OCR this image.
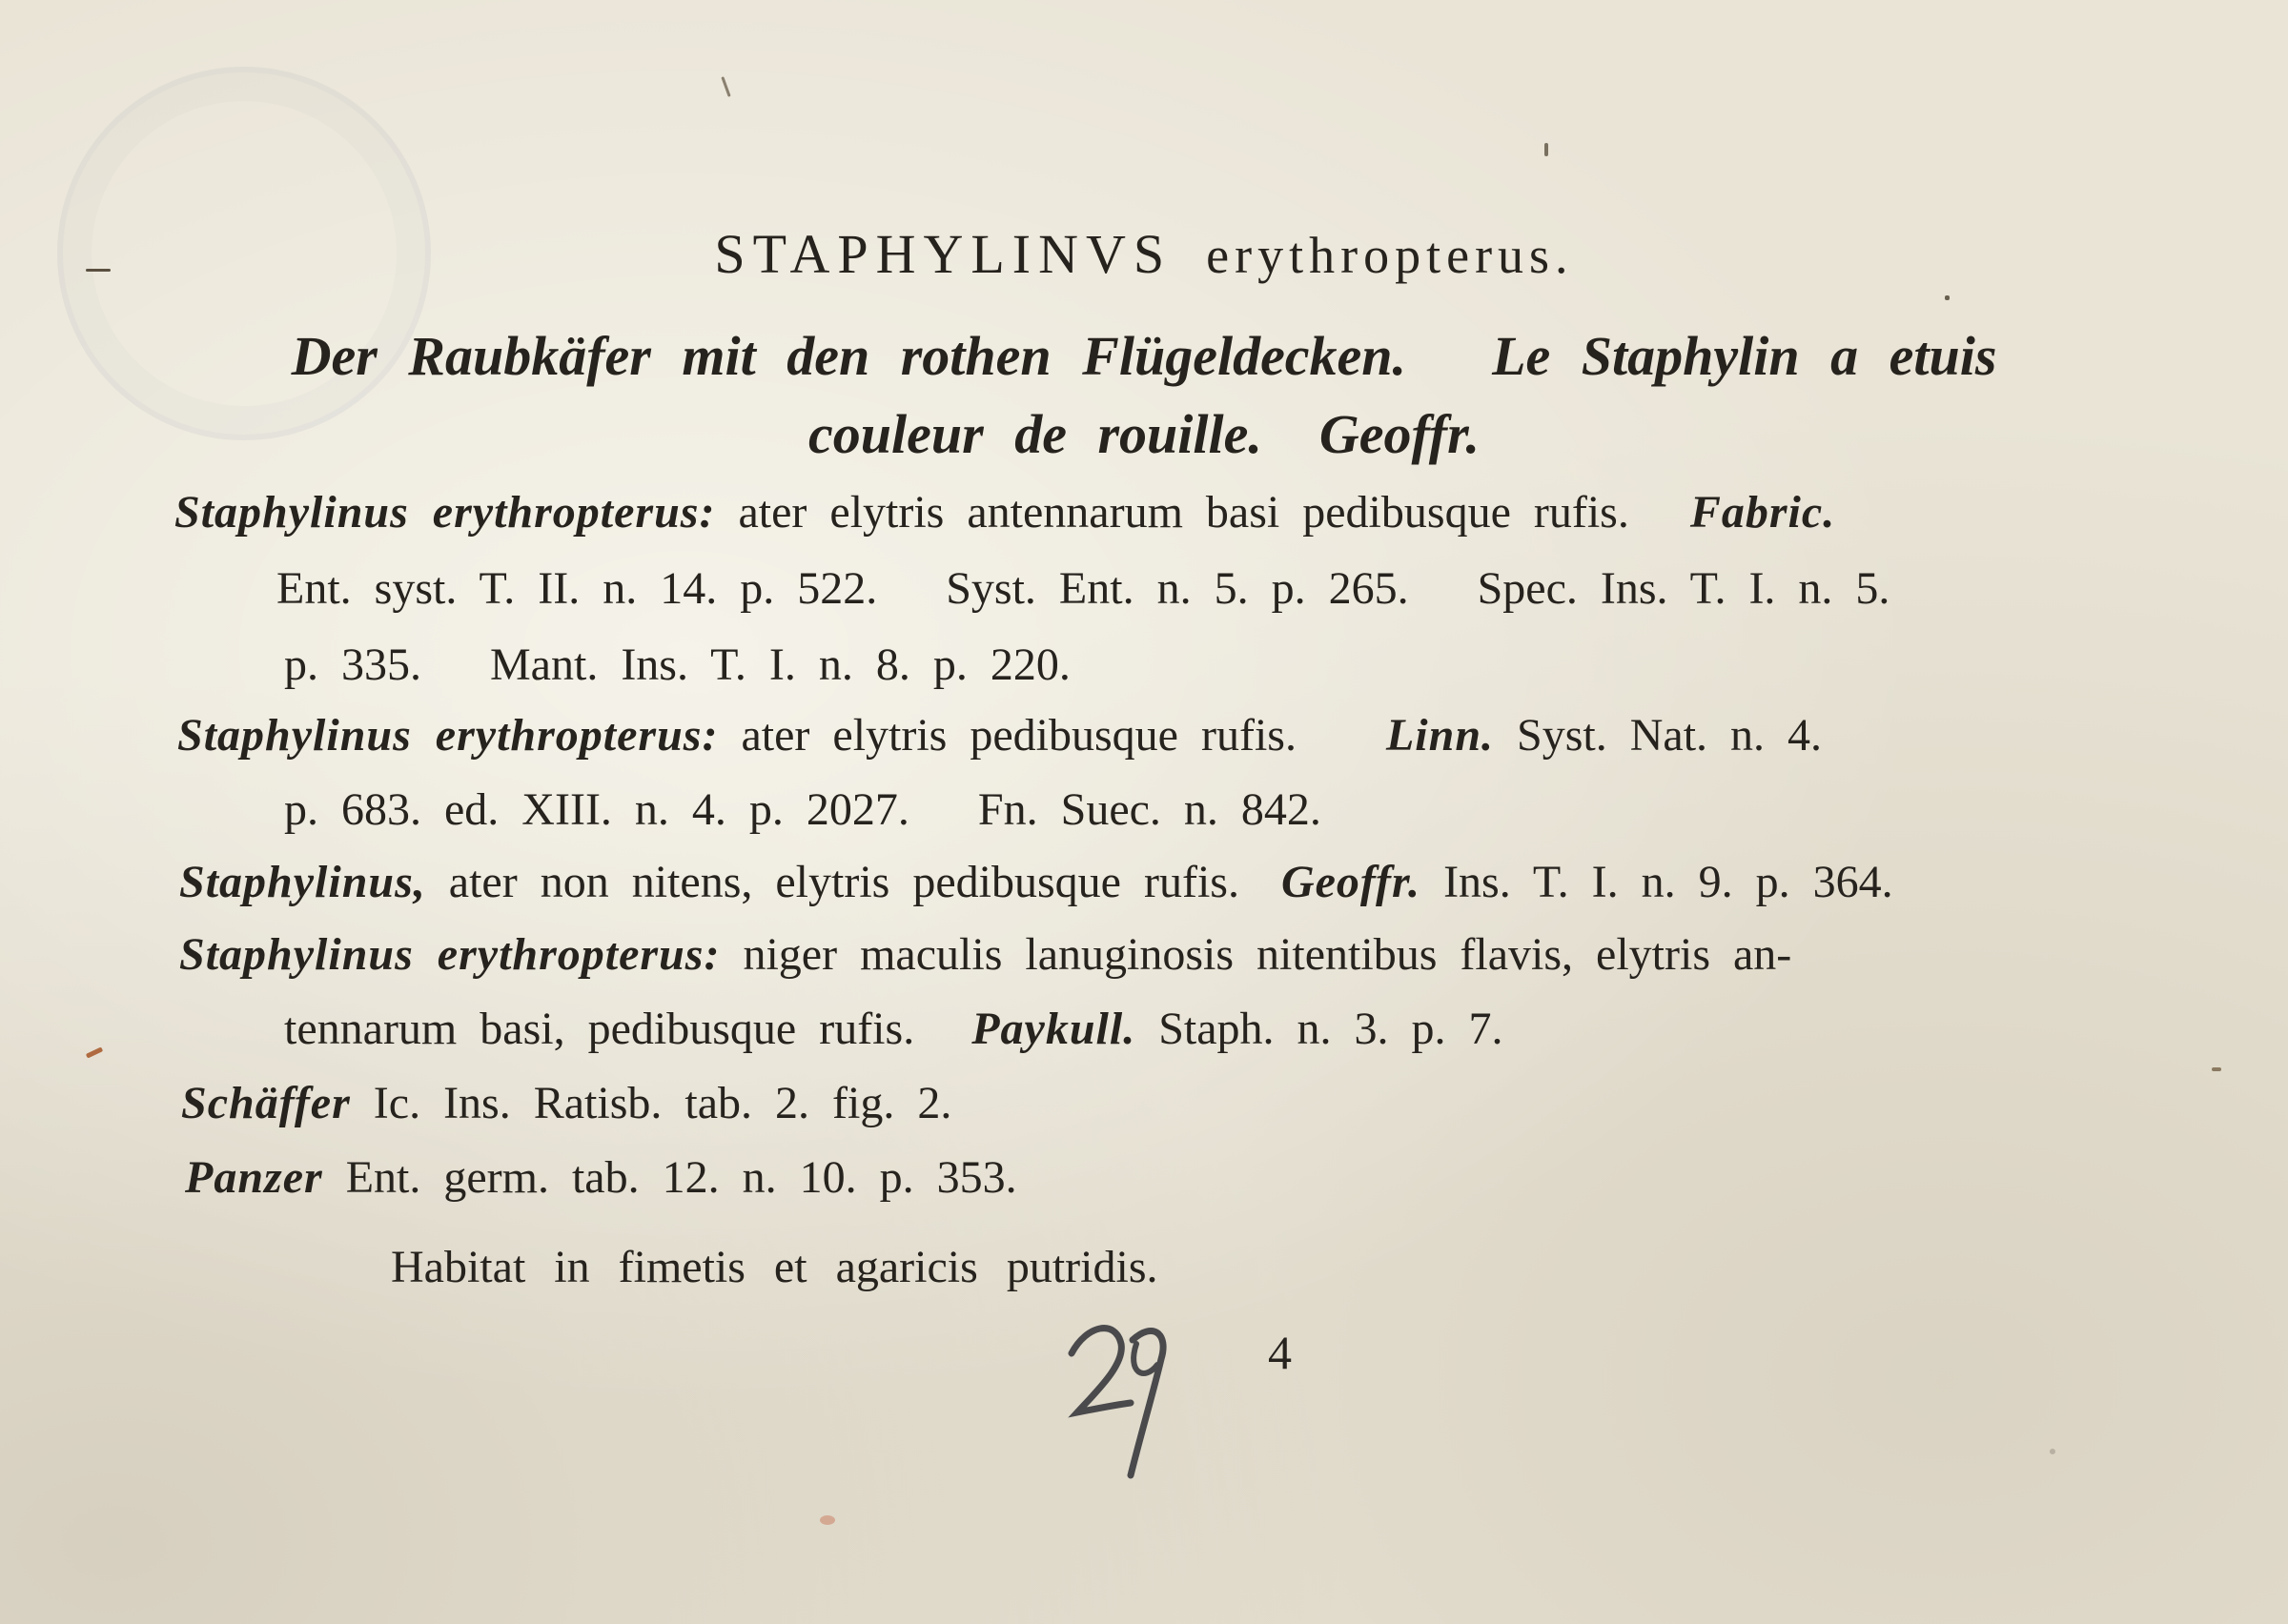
STAPHYLINVS erythropterus.
Der Raubkäfer mit den rothen Flügeldecken. Le Staphylin a etuis
couleur de rouille. Geoffr.
Staphylinus erythropterus: ater elytris antennarum basi pedibusque rufis. Fabric.
Ent. syst. T. II. n. 14. p. 522.   Syst. Ent. n. 5. p. 265.   Spec. Ins. T. I. n. 5.
p. 335.   Mant. Ins. T. I. n. 8. p. 220.
Staphylinus erythropterus: ater elytris pedibusque rufis. Linn. Syst. Nat. n. 4.
p. 683. ed. XIII. n. 4. p. 2027.   Fn. Suec. n. 842.
Staphylinus, ater non nitens, elytris pedibusque rufis. Geoffr. Ins. T. I. n. 9. p. 364.
Staphylinus erythropterus: niger maculis lanuginosis nitentibus flavis, elytris an-
tennarum basi, pedibusque rufis. Paykull. Staph. n. 3. p. 7.
Schäffer Ic. Ins. Ratisb. tab. 2. fig. 2.
Panzer Ent. germ. tab. 12. n. 10. p. 353.
Habitat in fimetis et agaricis putridis.
4
